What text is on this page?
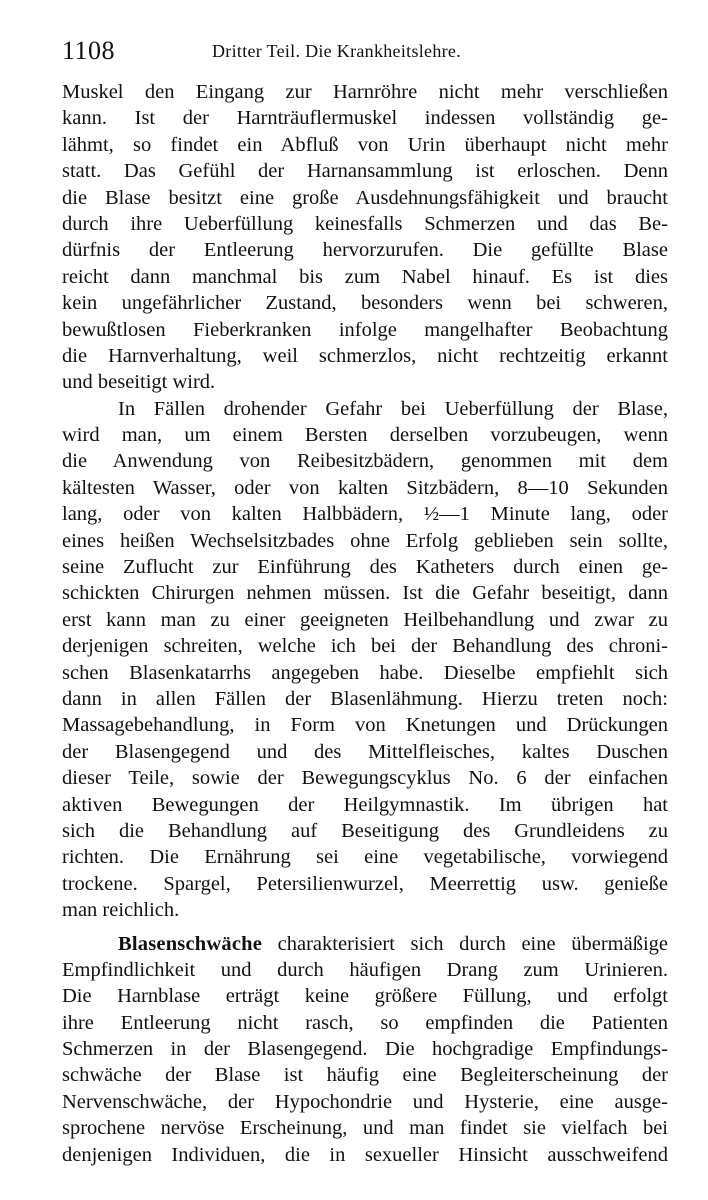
1108	Dritter Teil. Die Krankheitslehre.
Muskel den Eingang zur Harnröhre nicht mehr verschließen
kann. Ist der Harnträuflermuskel indessen vollständig ge-
lähmt, so findet ein Abfluß von Urin überhaupt nicht mehr
statt. Das Gefühl der Harnansammlung ist erloschen. Denn
die Blase besitzt eine große Ausdehnungsfähigkeit und braucht
durch ihre Ueberfüllung keinesfalls Schmerzen und das Be-
dürfnis der Entleerung hervorzurufen. Die gefüllte Blase
reicht dann manchmal bis zum Nabel hinauf. Es ist dies
kein ungefährlicher Zustand, besonders wenn bei schweren,
bewußtlosen Fieberkranken infolge mangelhafter Beobachtung
die Harnverhaltung, weil schmerzlos, nicht rechtzeitig erkannt
und beseitigt wird.
In Fällen drohender Gefahr bei Ueberfüllung der Blase,
wird man, um einem Bersten derselben vorzubeugen, wenn
die Anwendung von Reibesitzbädern, genommen mit dem
kältesten Wasser, oder von kalten Sitzbädern, 8—10 Sekunden
lang, oder von kalten Halbbädern, ½—1 Minute lang, oder
eines heißen Wechselsitzbades ohne Erfolg geblieben sein sollte,
seine Zuflucht zur Einführung des Katheters durch einen ge-
schickten Chirurgen nehmen müssen. Ist die Gefahr beseitigt, dann
erst kann man zu einer geeigneten Heilbehandlung und zwar zu
derjenigen schreiten, welche ich bei der Behandlung des chroni-
schen Blasenkatarrhs angegeben habe. Dieselbe empfiehlt sich
dann in allen Fällen der Blasenlähmung. Hierzu treten noch:
Massagebehandlung, in Form von Knetungen und Drückungen
der Blasengegend und des Mittelfleisches, kaltes Duschen
dieser Teile, sowie der Bewegungscyklus No. 6 der einfachen
aktiven Bewegungen der Heilgymnastik. Im übrigen hat
sich die Behandlung auf Beseitigung des Grundleidens zu
richten. Die Ernährung sei eine vegetabilische, vorwiegend
trockene. Spargel, Petersilienwurzel, Meerrettig usw. genieße
man reichlich.
Blasenschwäche charakterisiert sich durch eine übermäßige
Empfindlichkeit und durch häufigen Drang zum Urinieren.
Die Harnblase erträgt keine größere Füllung, und erfolgt
ihre Entleerung nicht rasch, so empfinden die Patienten
Schmerzen in der Blasengegend. Die hochgradige Empfindungs-
schwäche der Blase ist häufig eine Begleiterscheinung der
Nervenschwäche, der Hypochondrie und Hysterie, eine ausge-
sprochene nervöse Erscheinung, und man findet sie vielfach bei
denjenigen Individuen, die in sexueller Hinsicht ausschweifend
